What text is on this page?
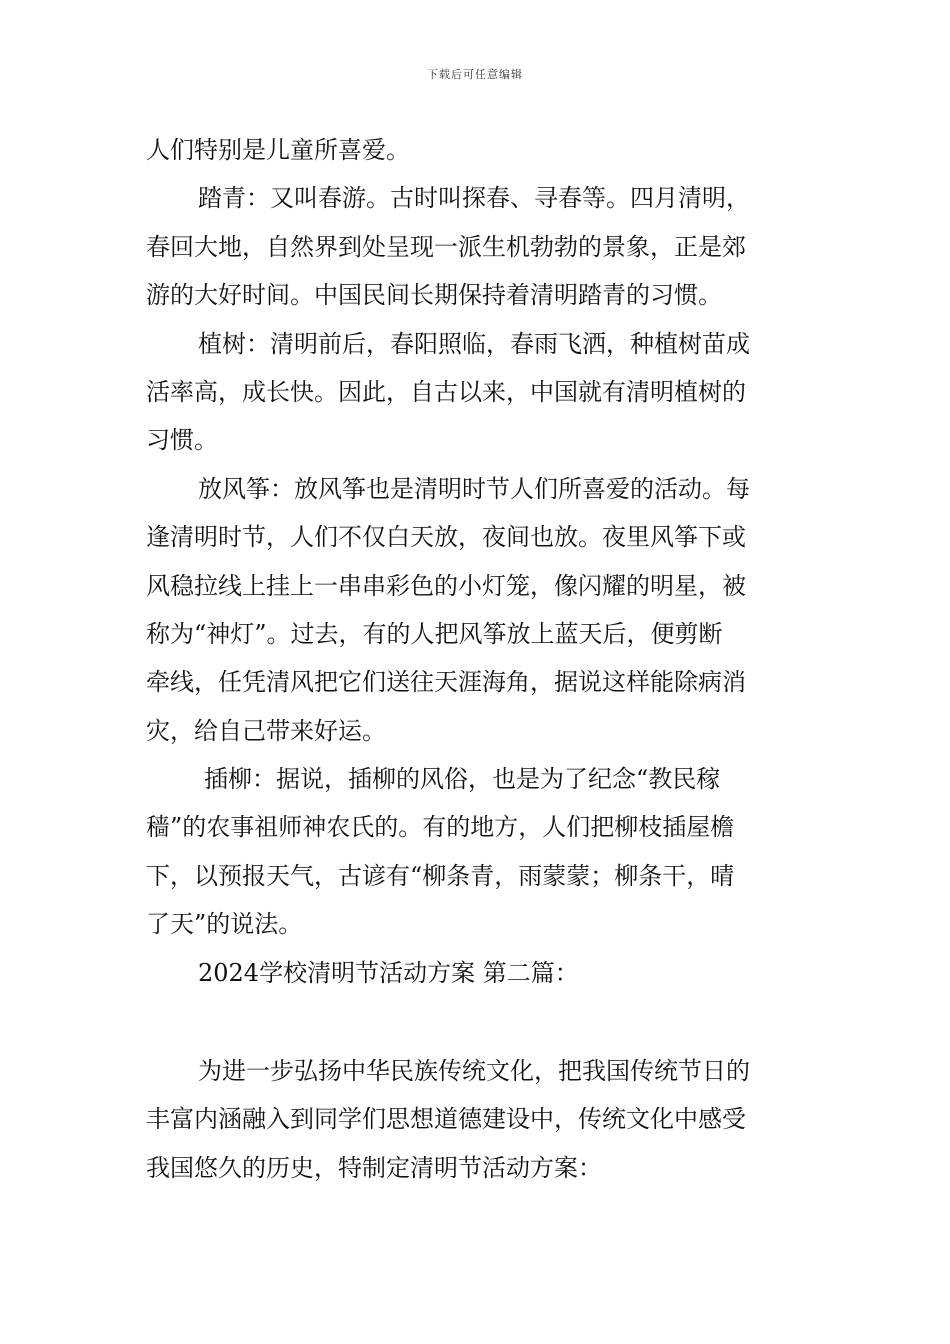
下载后可任意编辑
人们特别是儿童所喜爱。
踏青：又叫春游。古时叫探春、寻春等。四月清明，
春回大地，自然界到处呈现一派生机勃勃的景象，正是郊
游的大好时间。中国民间长期保持着清明踏青的习惯。
植树：清明前后，春阳照临，春雨飞洒，种植树苗成
活率高，成长快。因此，自古以来，中国就有清明植树的
习惯。
放风筝：放风筝也是清明时节人们所喜爱的活动。每
逢清明时节，人们不仅白天放，夜间也放。夜里风筝下或
风稳拉线上挂上一串串彩色的小灯笼，像闪耀的明星，被
称为“神灯”。过去，有的人把风筝放上蓝天后，便剪断
牵线，任凭清风把它们送往天涯海角，据说这样能除病消
灾，给自己带来好运。
插柳：据说，插柳的风俗，也是为了纪念“教民稼
穑”的农事祖师神农氏的。有的地方，人们把柳枝插屋檐
下，以预报天气，古谚有“柳条青，雨蒙蒙；柳条干，晴
了天”的说法。
2024学校清明节活动方案 第二篇：
为进一步弘扬中华民族传统文化，把我国传统节日的
丰富内涵融入到同学们思想道德建设中，传统文化中感受
我国悠久的历史，特制定清明节活动方案：
